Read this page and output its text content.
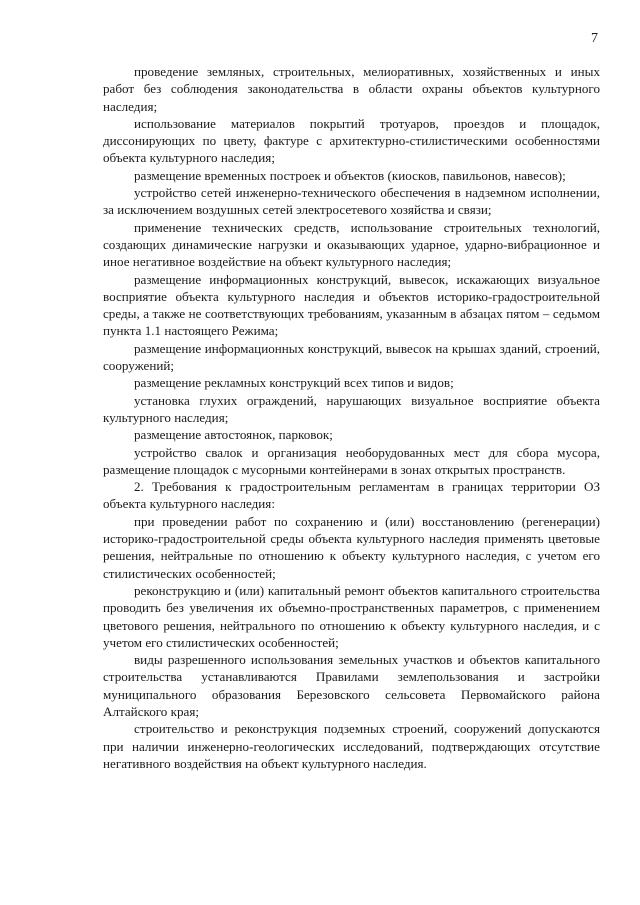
7

проведение земляных, строительных, мелиоративных, хозяйственных и иных работ без соблюдения законодательства в области охраны объектов культурного наследия;

использование материалов покрытий тротуаров, проездов и площадок, диссонирующих по цвету, фактуре с архитектурно-стилистическими особенностями объекта культурного наследия;

размещение временных построек и объектов (киосков, павильонов, навесов);

устройство сетей инженерно-технического обеспечения в надземном исполнении, за исключением воздушных сетей электросетевого хозяйства и связи;

применение технических средств, использование строительных технологий, создающих динамические нагрузки и оказывающих ударное, ударно-вибрационное и иное негативное воздействие на объект культурного наследия;

размещение информационных конструкций, вывесок, искажающих визуальное восприятие объекта культурного наследия и объектов историко-градостроительной среды, а также не соответствующих требованиям, указанным в абзацах пятом – седьмом пункта 1.1 настоящего Режима;

размещение информационных конструкций, вывесок на крышах зданий, строений, сооружений;

размещение рекламных конструкций всех типов и видов;

установка глухих ограждений, нарушающих визуальное восприятие объекта культурного наследия;

размещение автостоянок, парковок;

устройство свалок и организация необорудованных мест для сбора мусора, размещение площадок с мусорными контейнерами в зонах открытых пространств.

2. Требования к градостроительным регламентам в границах территории ОЗ объекта культурного наследия:

при проведении работ по сохранению и (или) восстановлению (регенерации) историко-градостроительной среды объекта культурного наследия применять цветовые решения, нейтральные по отношению к объекту культурного наследия, с учетом его стилистических особенностей;

реконструкцию и (или) капитальный ремонт объектов капитального строительства проводить без увеличения их объемно-пространственных параметров, с применением цветового решения, нейтрального по отношению к объекту культурного наследия, и с учетом его стилистических особенностей;

виды разрешенного использования земельных участков и объектов капитального строительства устанавливаются Правилами землепользования и застройки муниципального образования Березовского сельсовета Первомайского района Алтайского края;

строительство и реконструкция подземных строений, сооружений допускаются при наличии инженерно-геологических исследований, подтверждающих отсутствие негативного воздействия на объект культурного наследия.
